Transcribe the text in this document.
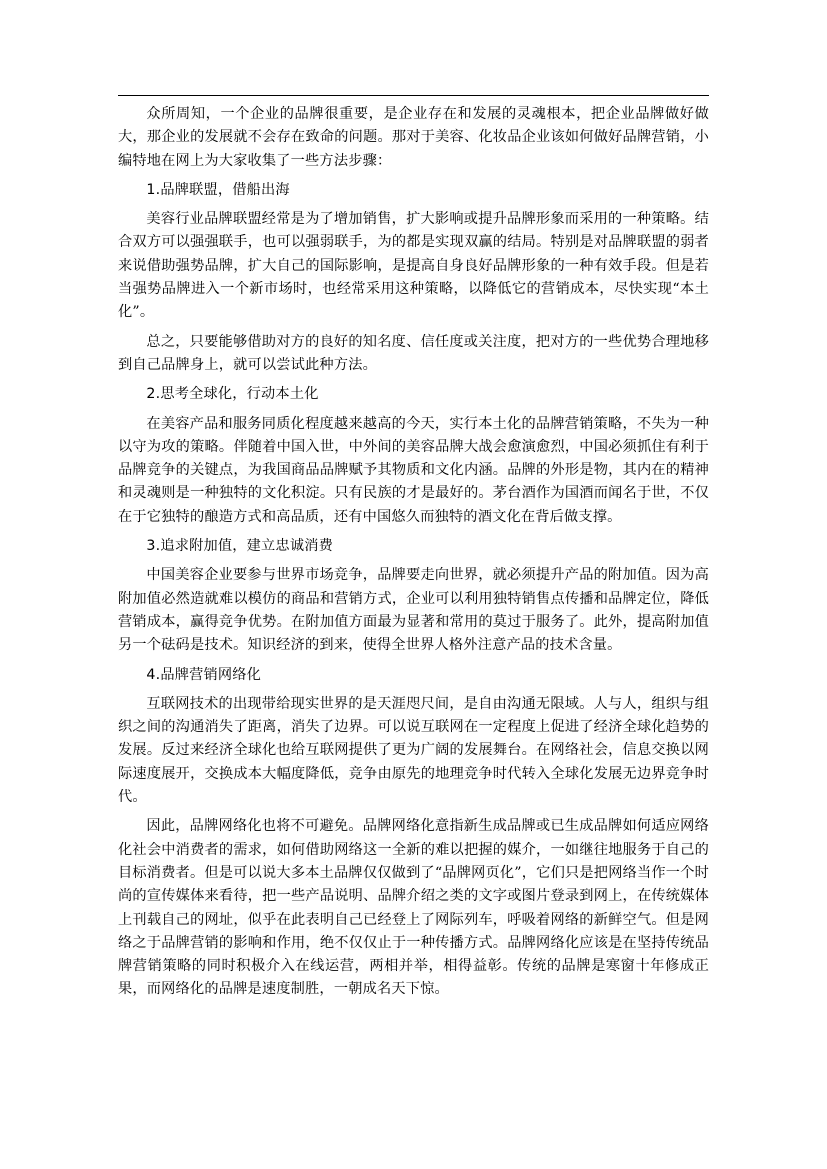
众所周知，一个企业的品牌很重要，是企业存在和发展的灵魂根本，把企业品牌做好做大，那企业的发展就不会存在致命的问题。那对于美容、化妆品企业该如何做好品牌营销，小编特地在网上为大家收集了一些方法步骤：

1.品牌联盟，借船出海

美容行业品牌联盟经常是为了增加销售，扩大影响或提升品牌形象而采用的一种策略。结合双方可以强强联手，也可以强弱联手，为的都是实现双赢的结局。特别是对品牌联盟的弱者来说借助强势品牌，扩大自己的国际影响，是提高自身良好品牌形象的一种有效手段。但是若当强势品牌进入一个新市场时，也经常采用这种策略，以降低它的营销成本，尽快实现“本土化”。

总之，只要能够借助对方的良好的知名度、信任度或关注度，把对方的一些优势合理地移到自己品牌身上，就可以尝试此种方法。

2.思考全球化，行动本土化

在美容产品和服务同质化程度越来越高的今天，实行本土化的品牌营销策略，不失为一种以守为攻的策略。伴随着中国入世，中外间的美容品牌大战会愈演愈烈，中国必须抓住有利于品牌竞争的关键点，为我国商品品牌赋予其物质和文化内涵。品牌的外形是物，其内在的精神和灵魂则是一种独特的文化积淀。只有民族的才是最好的。茅台酒作为国酒而闻名于世，不仅在于它独特的酿造方式和高品质，还有中国悠久而独特的酒文化在背后做支撑。

3.追求附加值，建立忠诚消费

中国美容企业要参与世界市场竞争，品牌要走向世界，就必须提升产品的附加值。因为高附加值必然造就难以模仿的商品和营销方式，企业可以利用独特销售点传播和品牌定位，降低营销成本，赢得竞争优势。在附加值方面最为显著和常用的莫过于服务了。此外，提高附加值另一个砝码是技术。知识经济的到来，使得全世界人格外注意产品的技术含量。

4.品牌营销网络化

互联网技术的出现带给现实世界的是天涯咫尺间，是自由沟通无限域。人与人，组织与组织之间的沟通消失了距离，消失了边界。可以说互联网在一定程度上促进了经济全球化趋势的发展。反过来经济全球化也给互联网提供了更为广阔的发展舞台。在网络社会，信息交换以网际速度展开，交换成本大幅度降低，竞争由原先的地理竞争时代转入全球化发展无边界竞争时代。

因此，品牌网络化也将不可避免。品牌网络化意指新生成品牌或已生成品牌如何适应网络化社会中消费者的需求，如何借助网络这一全新的难以把握的媒介，一如继往地服务于自己的目标消费者。但是可以说大多本土品牌仅仅做到了“品牌网页化”，它们只是把网络当作一个时尚的宣传媒体来看待，把一些产品说明、品牌介绍之类的文字或图片登录到网上，在传统媒体上刊载自己的网址，似乎在此表明自己已经登上了网际列车，呼吸着网络的新鲜空气。但是网络之于品牌营销的影响和作用，绝不仅仅止于一种传播方式。品牌网络化应该是在坚持传统品牌营销策略的同时积极介入在线运营，两相并举，相得益彰。传统的品牌是寒窗十年修成正果，而网络化的品牌是速度制胜，一朝成名天下惊。
